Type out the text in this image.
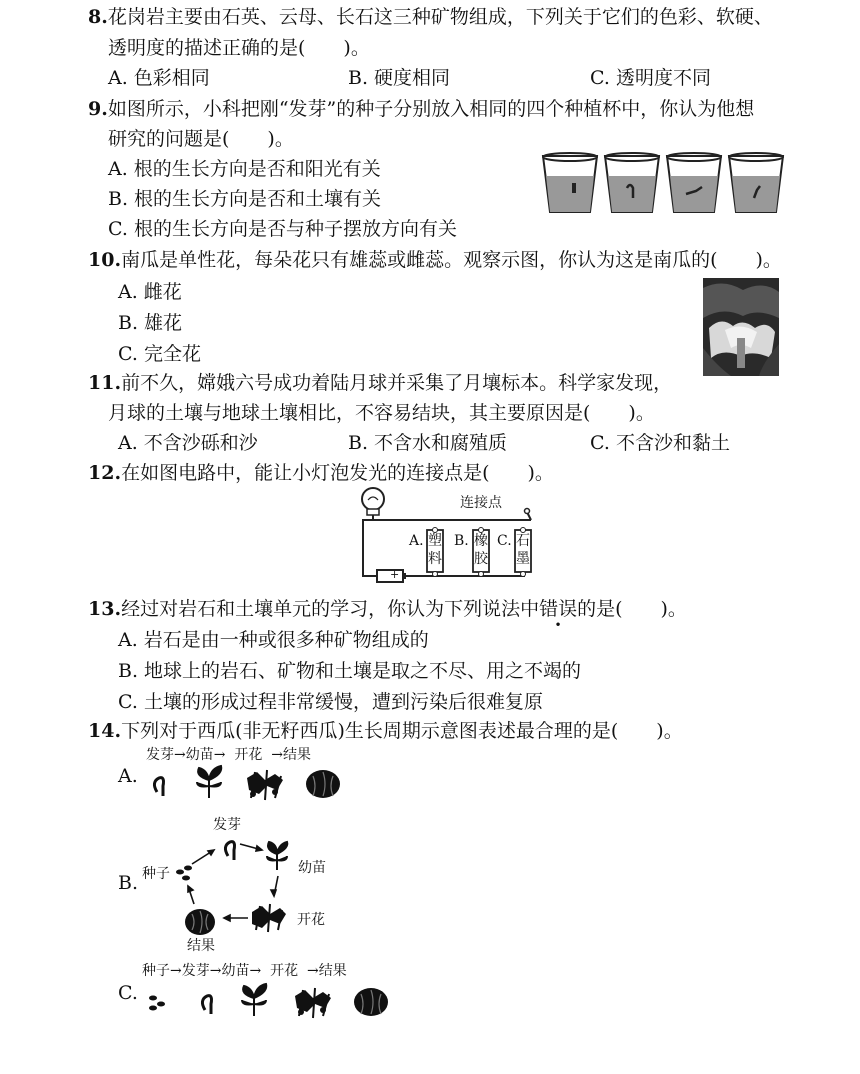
8.花岗岩主要由石英、云母、长石这三种矿物组成，下列关于它们的色彩、软硬、
透明度的描述正确的是(　　)。
A. 色彩相同	B. 硬度相同	C. 透明度不同
9.如图所示，小科把刚“发芽”的种子分别放入相同的四个种植杯中，你认为他想
研究的问题是(　　)。
A. 根的生长方向是否和阳光有关
B. 根的生长方向是否和土壤有关
C. 根的生长方向是否与种子摆放方向有关
10.南瓜是单性花，每朵花只有雄蕊或雌蕊。观察示图，你认为这是南瓜的(　　)。
A. 雌花
B. 雄花
C. 完全花
11.前不久，嫦娥六号成功着陆月球并采集了月壤标本。科学家发现，
月球的土壤与地球土壤相比，不容易结块，其主要原因是(　　)。
A. 不含沙砾和沙	B. 不含水和腐殖质	C. 不含沙和黏土
12.在如图电路中，能让小灯泡发光的连接点是(　　)。
连接点
A. B. C.
塑
料
橡
胶
石
墨
+
13.经过对岩石和土壤单元的学习，你认为下列说法中错误的是(　　)。
A. 岩石是由一种或很多种矿物组成的
B. 地球上的岩石、矿物和土壤是取之不尽、用之不竭的
C. 土壤的形成过程非常缓慢，遭到污染后很难复原
14.下列对于西瓜(非无籽西瓜)生长周期示意图表述最合理的是(　　)。
A.
发芽→幼苗→ 开花 →结果
B.
发芽
幼苗
种子
开花
结果
C.
种子→发芽→幼苗→ 开花 →结果
